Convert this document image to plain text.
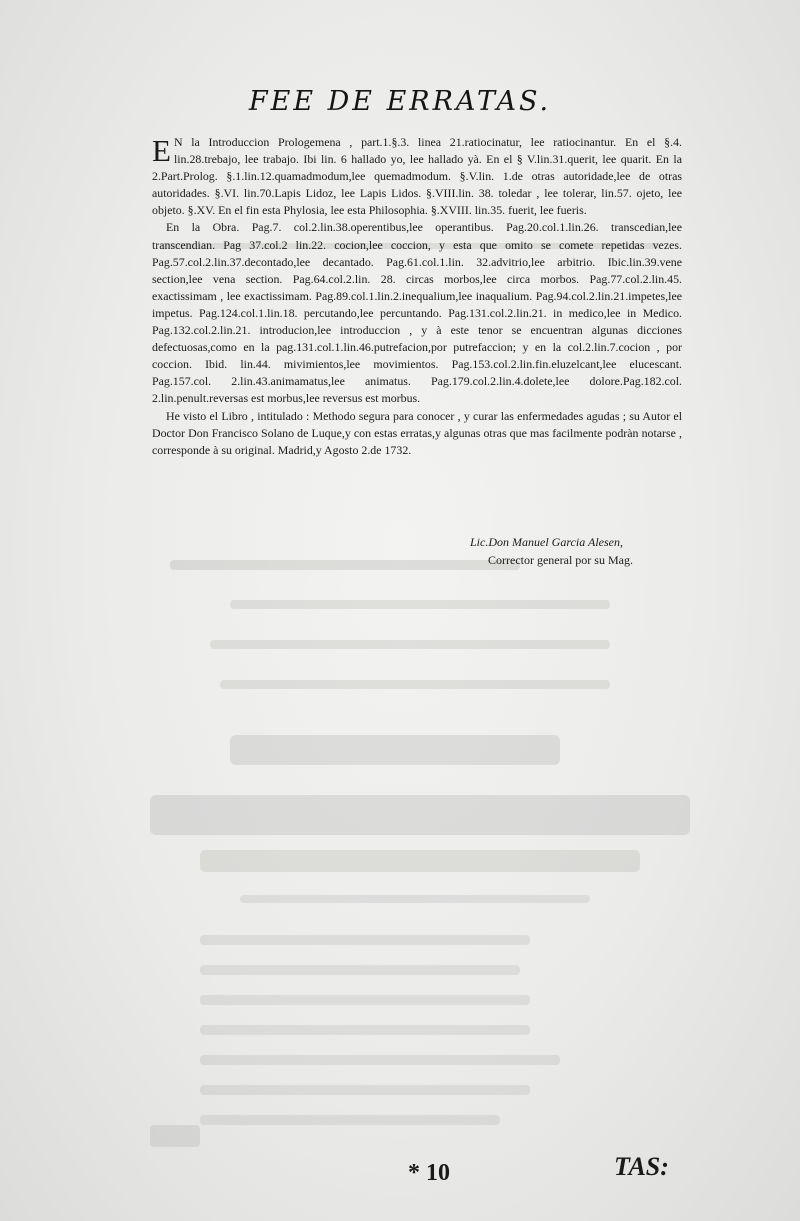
FEE DE ERRATAS.

E N la Introduccion Prologemena , part.1.§.3. linea 21.ratiocinatur, lee ratiocinantur. En el §.4. lin.28.trebajo, lee trabajo. Ibi lin. 6 hallado yo, lee hallado yà. En el § V.lin.31.querit, lee quarit. En la 2.Part.Prolog. §.1.lin.12.quamadmodum,lee quemadmodum. §.V.lin. 1.de otras autoridade,lee de otras autoridades. §.VI. lin.70.Lapis Lidoz, lee Lapis Lidos. §.VIII.lin. 38. toledar , lee tolerar, lin.57. ojeto, lee objeto. §.XV. En el fin esta Phylosia, lee esta Philosophia. §.XVIII. lin.35. fuerit, lee fueris.

En la Obra. Pag.7. col.2.lin.38.operentibus,lee operantibus. Pag.20.col.1.lin.26. transcedian,lee transcendian. Pag 37.col.2 lin.22. cocion,lee coccion, y esta que omito se comete repetidas vezes. Pag.57.col.2.lin.37.decontado,lee decantado. Pag.61.col.1.lin. 32.advitrio,lee arbitrio. Ibic.lin.39.vene section,lee vena section. Pag.64.col.2.lin. 28. circas morbos,lee circa morbos. Pag.77.col.2.lin.45. exactissimam , lee exactissimam. Pag.89.col.1.lin.2.inequalium,lee inaqualium. Pag.94.col.2.lin.21.impetes,lee impetus. Pag.124.col.1.lin.18. percutando,lee percuntando. Pag.131.col.2.lin.21. in medico,lee in Medico. Pag.132.col.2.lin.21. introducion,lee introduccion , y à este tenor se encuentran algunas dicciones defectuosas,como en la pag.131.col.1.lin.46.putrefacion,por putrefaccion; y en la col.2.lin.7.cocion , por coccion. Ibid. lin.44. mivimientos,lee movimientos. Pag.153.col.2.lin.fin.eluzelcant,lee elucescant. Pag.157.col. 2.lin.43.animamatus,lee animatus. Pag.179.col.2.lin.4.dolete,lee dolore.Pag.182.col. 2.lin.penult.reversas est morbus,lee reversus est morbus.

He visto el Libro , intitulado : Methodo segura para conocer , y curar las enfermedades agudas ; su Autor el Doctor Don Francisco Solano de Luque,y con estas erratas,y algunas otras que mas facilmente podràn notarse , corresponde à su original. Madrid,y Agosto 2.de 1732.

Lic.Don Manuel Garcia Alesen,
Corrector general por su Mag.
* 10	TAS:
